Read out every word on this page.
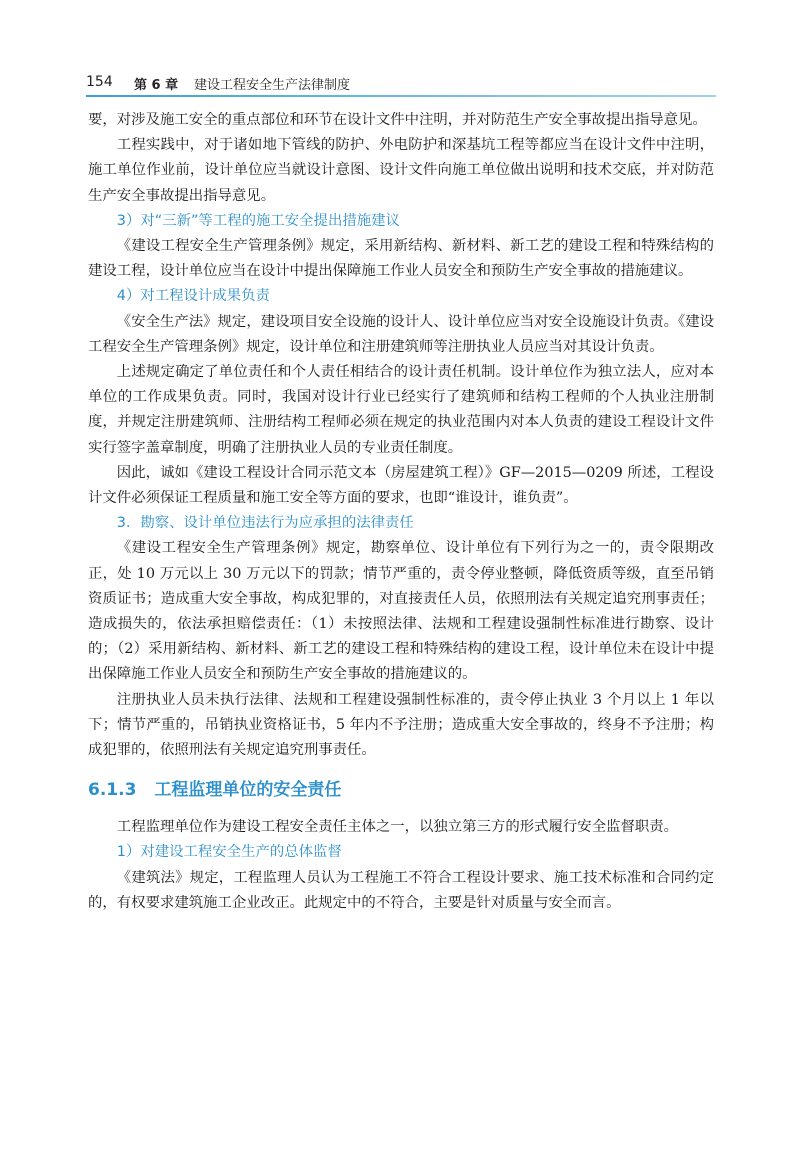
154 第 6 章 建设工程安全生产法律制度

要，对涉及施工安全的重点部位和环节在设计文件中注明，并对防范生产安全事故提出指导意见。

工程实践中，对于诸如地下管线的防护、外电防护和深基坑工程等都应当在设计文件中注明，施工单位作业前，设计单位应当就设计意图、设计文件向施工单位做出说明和技术交底，并对防范生产安全事故提出指导意见。

3）对“三新”等工程的施工安全提出措施建议

《建设工程安全生产管理条例》规定，采用新结构、新材料、新工艺的建设工程和特殊结构的建设工程，设计单位应当在设计中提出保障施工作业人员安全和预防生产安全事故的措施建议。

4）对工程设计成果负责

《安全生产法》规定，建设项目安全设施的设计人、设计单位应当对安全设施设计负责。《建设工程安全生产管理条例》规定，设计单位和注册建筑师等注册执业人员应当对其设计负责。

上述规定确定了单位责任和个人责任相结合的设计责任机制。设计单位作为独立法人，应对本单位的工作成果负责。同时，我国对设计行业已经实行了建筑师和结构工程师的个人执业注册制度，并规定注册建筑师、注册结构工程师必须在规定的执业范围内对本人负责的建设工程设计文件实行签字盖章制度，明确了注册执业人员的专业责任制度。

因此，诚如《建设工程设计合同示范文本（房屋建筑工程）》GF—2015—0209 所述，工程设计文件必须保证工程质量和施工安全等方面的要求，也即“谁设计，谁负责”。

3．勘察、设计单位违法行为应承担的法律责任

《建设工程安全生产管理条例》规定，勘察单位、设计单位有下列行为之一的，责令限期改正，处 10 万元以上 30 万元以下的罚款；情节严重的，责令停业整顿，降低资质等级，直至吊销资质证书；造成重大安全事故，构成犯罪的，对直接责任人员，依照刑法有关规定追究刑事责任；造成损失的，依法承担赔偿责任：（1）未按照法律、法规和工程建设强制性标准进行勘察、设计的；（2）采用新结构、新材料、新工艺的建设工程和特殊结构的建设工程，设计单位未在设计中提出保障施工作业人员安全和预防生产安全事故的措施建议的。

注册执业人员未执行法律、法规和工程建设强制性标准的，责令停止执业 3 个月以上 1 年以下；情节严重的，吊销执业资格证书，5 年内不予注册；造成重大安全事故的，终身不予注册；构成犯罪的，依照刑法有关规定追究刑事责任。

6.1.3 工程监理单位的安全责任

工程监理单位作为建设工程安全责任主体之一，以独立第三方的形式履行安全监督职责。

1）对建设工程安全生产的总体监督

《建筑法》规定，工程监理人员认为工程施工不符合工程设计要求、施工技术标准和合同约定的，有权要求建筑施工企业改正。此规定中的不符合，主要是针对质量与安全而言。
